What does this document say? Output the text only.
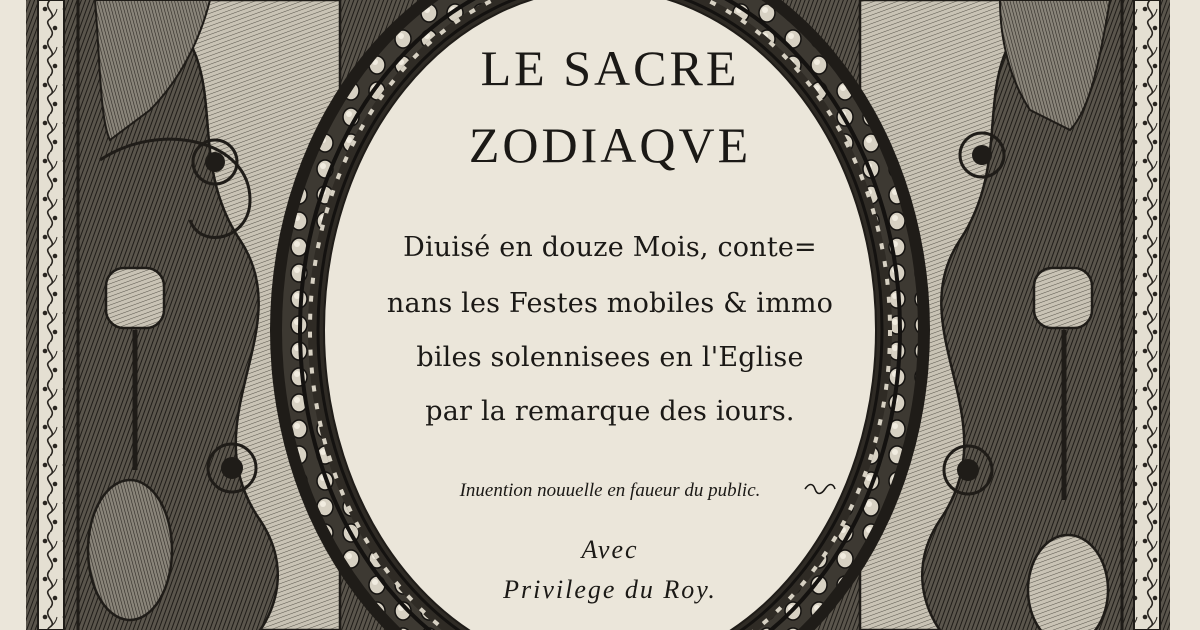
LE SACRE
ZODIAQVE
Diuisé en douze Mois, conte=
nans les Festes mobiles & immo
biles solennisees en l'Eglise
par la remarque des iours.
Inuention nouuelle en faueur du public.
Avec
Privilege du Roy.
